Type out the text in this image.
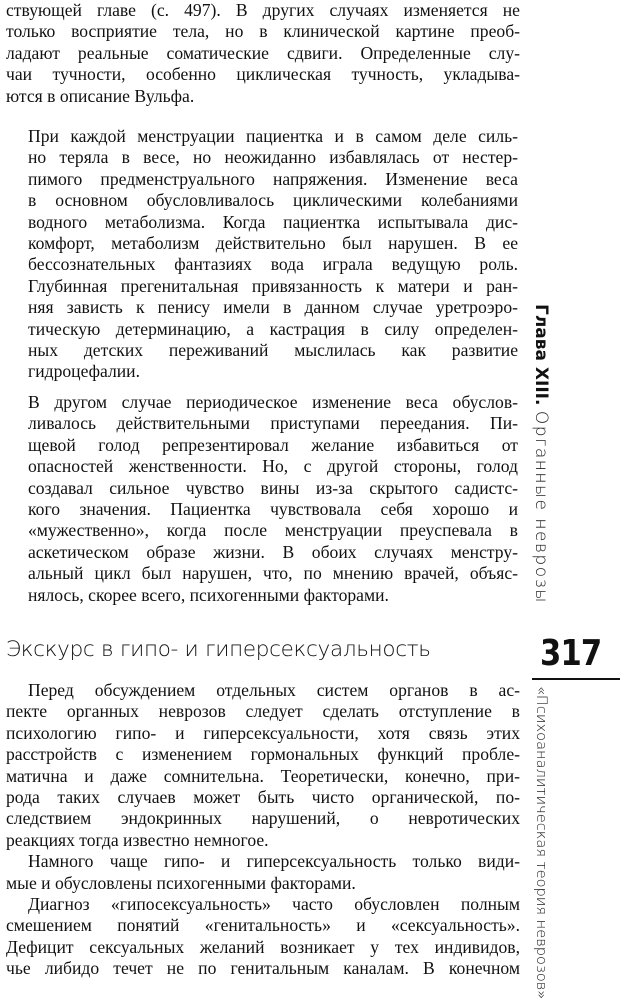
ствующей главе (с. 497). В других случаях изменяется не
только восприятие тела, но в клинической картине преоб-
ладают реальные соматические сдвиги. Определенные слу-
чаи тучности, особенно циклическая тучность, укладыва-
ются в описание Вульфа.
При каждой менструации пациентка и в самом деле силь-
но теряла в весе, но неожиданно избавлялась от нестер-
пимого предменструального напряжения. Изменение веса
в основном обусловливалось циклическими колебаниями
водного метаболизма. Когда пациентка испытывала дис-
комфорт, метаболизм действительно был нарушен. В ее
бессознательных фантазиях вода играла ведущую роль.
Глубинная прегенитальная привязанность к матери и ран-
няя зависть к пенису имели в данном случае уретроэро-
тическую детерминацию, а кастрация в силу определен-
ных детских переживаний мыслилась как развитие
гидроцефалии.
В другом случае периодическое изменение веса обуслов-
ливалось действительными приступами переедания. Пи-
щевой голод репрезентировал желание избавиться от
опасностей женственности. Но, с другой стороны, голод
создавал сильное чувство вины из-за скрытого садистс-
кого значения. Пациентка чувствовала себя хорошо и
«мужественно», когда после менструации преуспевала в
аскетическом образе жизни. В обоих случаях менстру-
альный цикл был нарушен, что, по мнению врачей, объяс-
нялось, скорее всего, психогенными факторами.
Экскурс в гипо- и гиперсексуальность
Перед обсуждением отдельных систем органов в ас-
пекте органных неврозов следует сделать отступление в
психологию гипо- и гиперсексуальности, хотя связь этих
расстройств с изменением гормональных функций пробле-
матична и даже сомнительна. Теоретически, конечно, при-
рода таких случаев может быть чисто органической, по-
следствием эндокринных нарушений, о невротических
реакциях тогда известно немногое.
Намного чаще гипо- и гиперсексуальность только види-
мые и обусловлены психогенными факторами.
Диагноз «гипосексуальность» часто обусловлен полным
смешением понятий «генитальность» и «сексуальность».
Дефицит сексуальных желаний возникает у тех индивидов,
чье либидо течет не по генитальным каналам. В конечном
Глава XIII. Органные неврозы
317
«Психоаналитическая теория неврозов»
